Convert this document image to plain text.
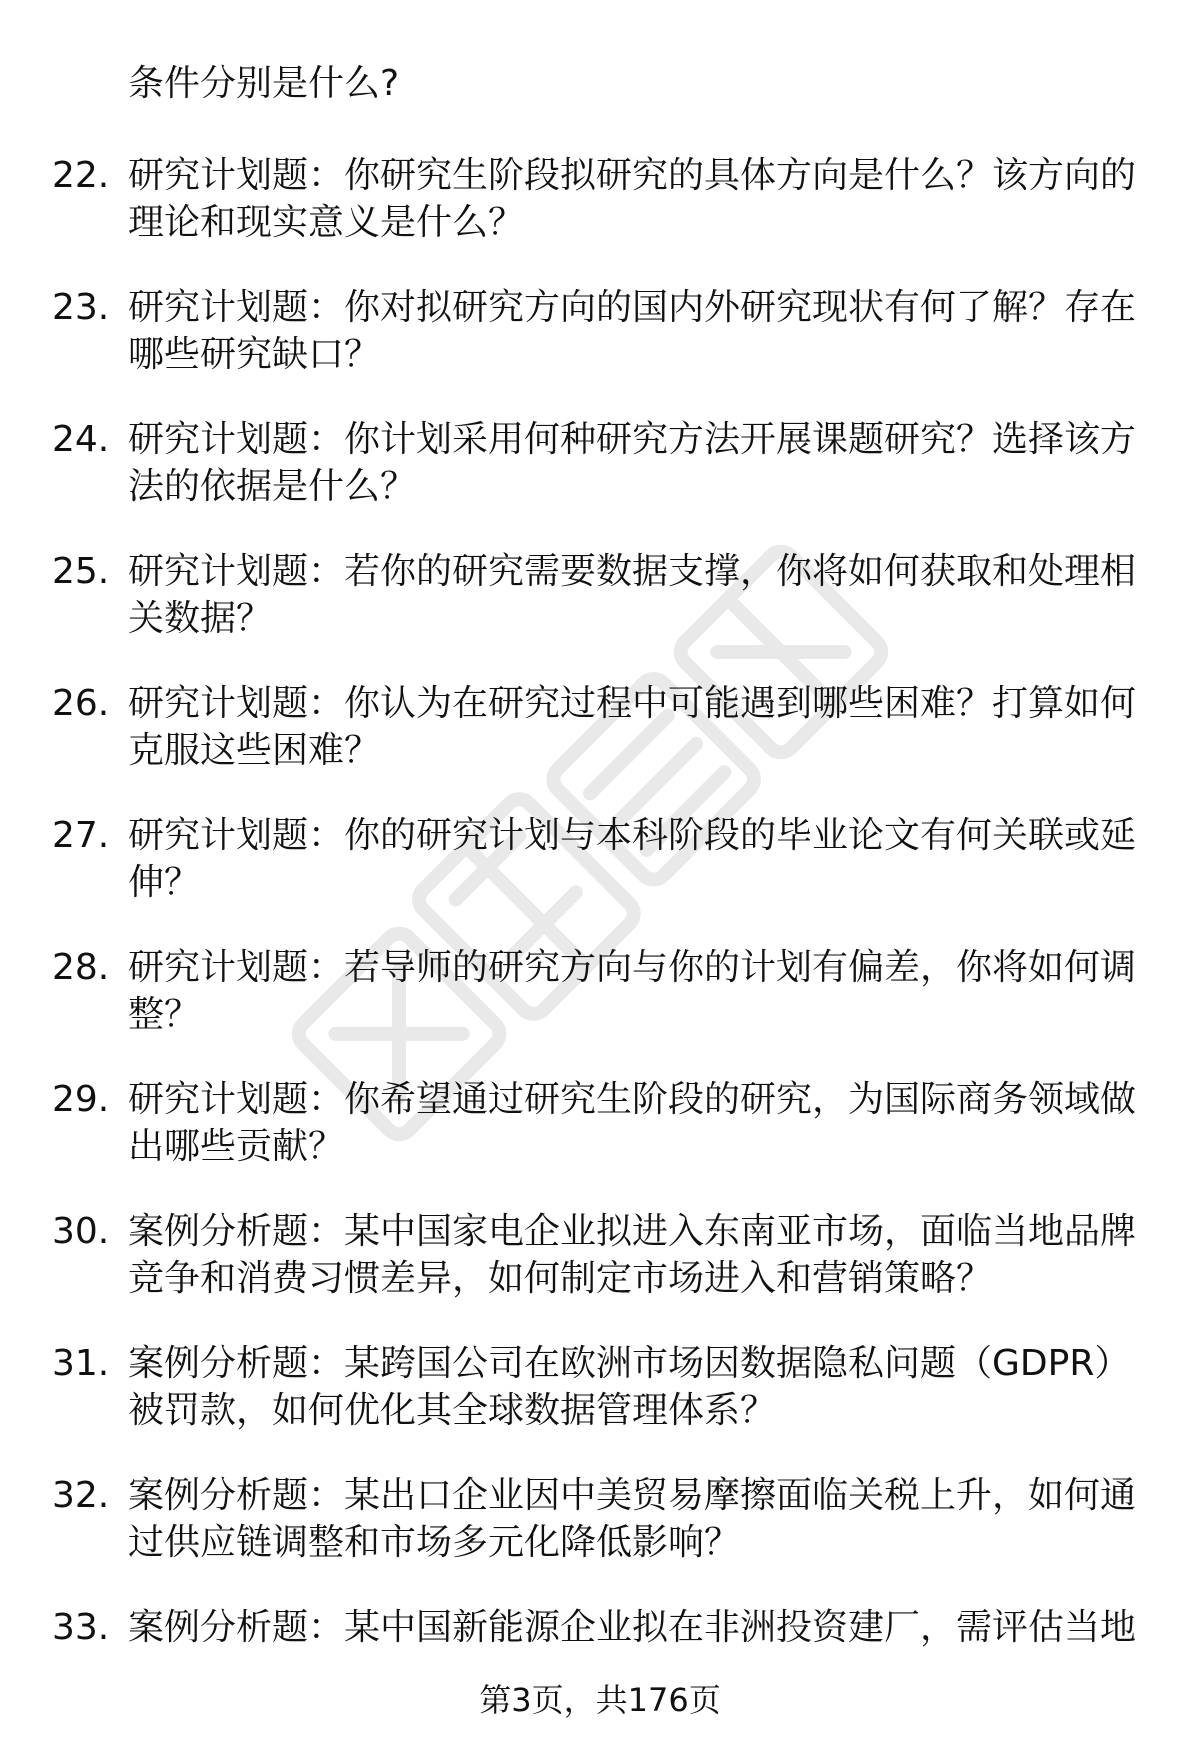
条件分别是什么?
22. 研究计划题：你研究生阶段拟研究的具体方向是什么？该方向的
理论和现实意义是什么？
23. 研究计划题：你对拟研究方向的国内外研究现状有何了解？存在
哪些研究缺口？
24. 研究计划题：你计划采用何种研究方法开展课题研究？选择该方
法的依据是什么？
25. 研究计划题：若你的研究需要数据支撑，你将如何获取和处理相
关数据？
26. 研究计划题：你认为在研究过程中可能遇到哪些困难？打算如何
克服这些困难？
27. 研究计划题：你的研究计划与本科阶段的毕业论文有何关联或延
伸？
28. 研究计划题：若导师的研究方向与你的计划有偏差，你将如何调
整？
29. 研究计划题：你希望通过研究生阶段的研究，为国际商务领域做
出哪些贡献？
30. 案例分析题：某中国家电企业拟进入东南亚市场，面临当地品牌
竞争和消费习惯差异，如何制定市场进入和营销策略？
31. 案例分析题：某跨国公司在欧洲市场因数据隐私问题（GDPR）
被罚款，如何优化其全球数据管理体系？
32. 案例分析题：某出口企业因中美贸易摩擦面临关税上升，如何通
过供应链调整和市场多元化降低影响？
33. 案例分析题：某中国新能源企业拟在非洲投资建厂，需评估当地
第3页，共176页
